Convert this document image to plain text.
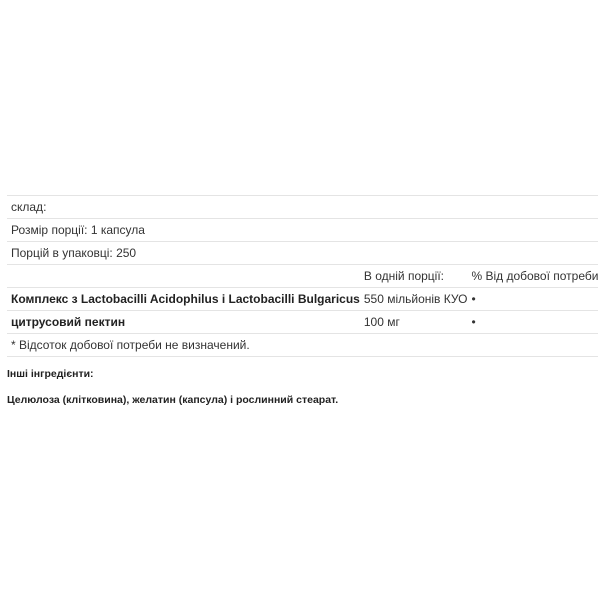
склад:		
Розмір порції: 1 капсула		
Порцій в упаковці: 250		
	В одній порції:	% Від добової потреби
Комплекс з Lactobacilli Acidophilus і Lactobacilli Bulgaricus	550 мільйонів КУО	•
цитрусовий пектин	100 мг	•
* Відсоток добової потреби не визначений.		

Інші інгредієнти:

Целюлоза (клітковина), желатин (капсула) і рослинний стеарат.
